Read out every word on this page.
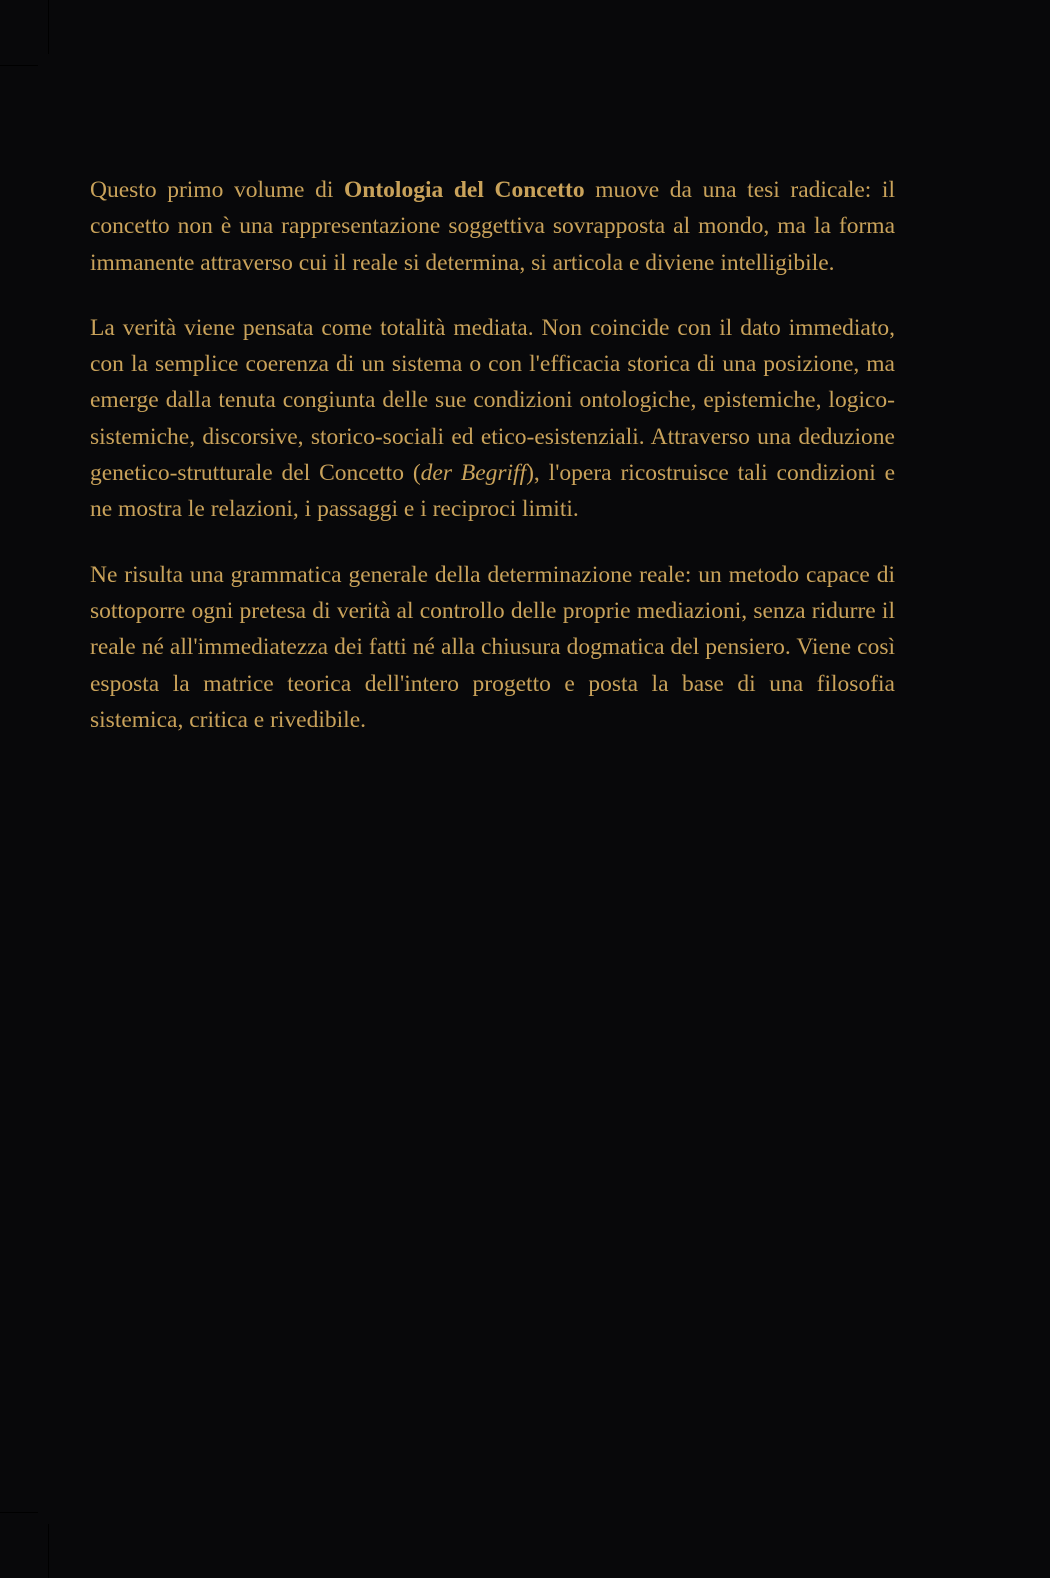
Questo primo volume di Ontologia del Concetto muove da una tesi radicale: il concetto non è una rappresentazione soggettiva sovrapposta al mondo, ma la forma immanente attraverso cui il reale si determina, si articola e diviene intelligibile.

La verità viene pensata come totalità mediata. Non coincide con il dato immediato, con la semplice coerenza di un sistema o con l'efficacia storica di una posizione, ma emerge dalla tenuta congiunta delle sue condizioni ontologiche, epistemiche, logico-sistemiche, discorsive, storico-sociali ed etico-esistenziali. Attraverso una deduzione genetico-strutturale del Concetto (der Begriff), l'opera ricostruisce tali condizioni e ne mostra le relazioni, i passaggi e i reciproci limiti.

Ne risulta una grammatica generale della determinazione reale: un metodo capace di sottoporre ogni pretesa di verità al controllo delle proprie mediazioni, senza ridurre il reale né all'immediatezza dei fatti né alla chiusura dogmatica del pensiero. Viene così esposta la matrice teorica dell'intero progetto e posta la base di una filosofia sistemica, critica e rivedibile.
